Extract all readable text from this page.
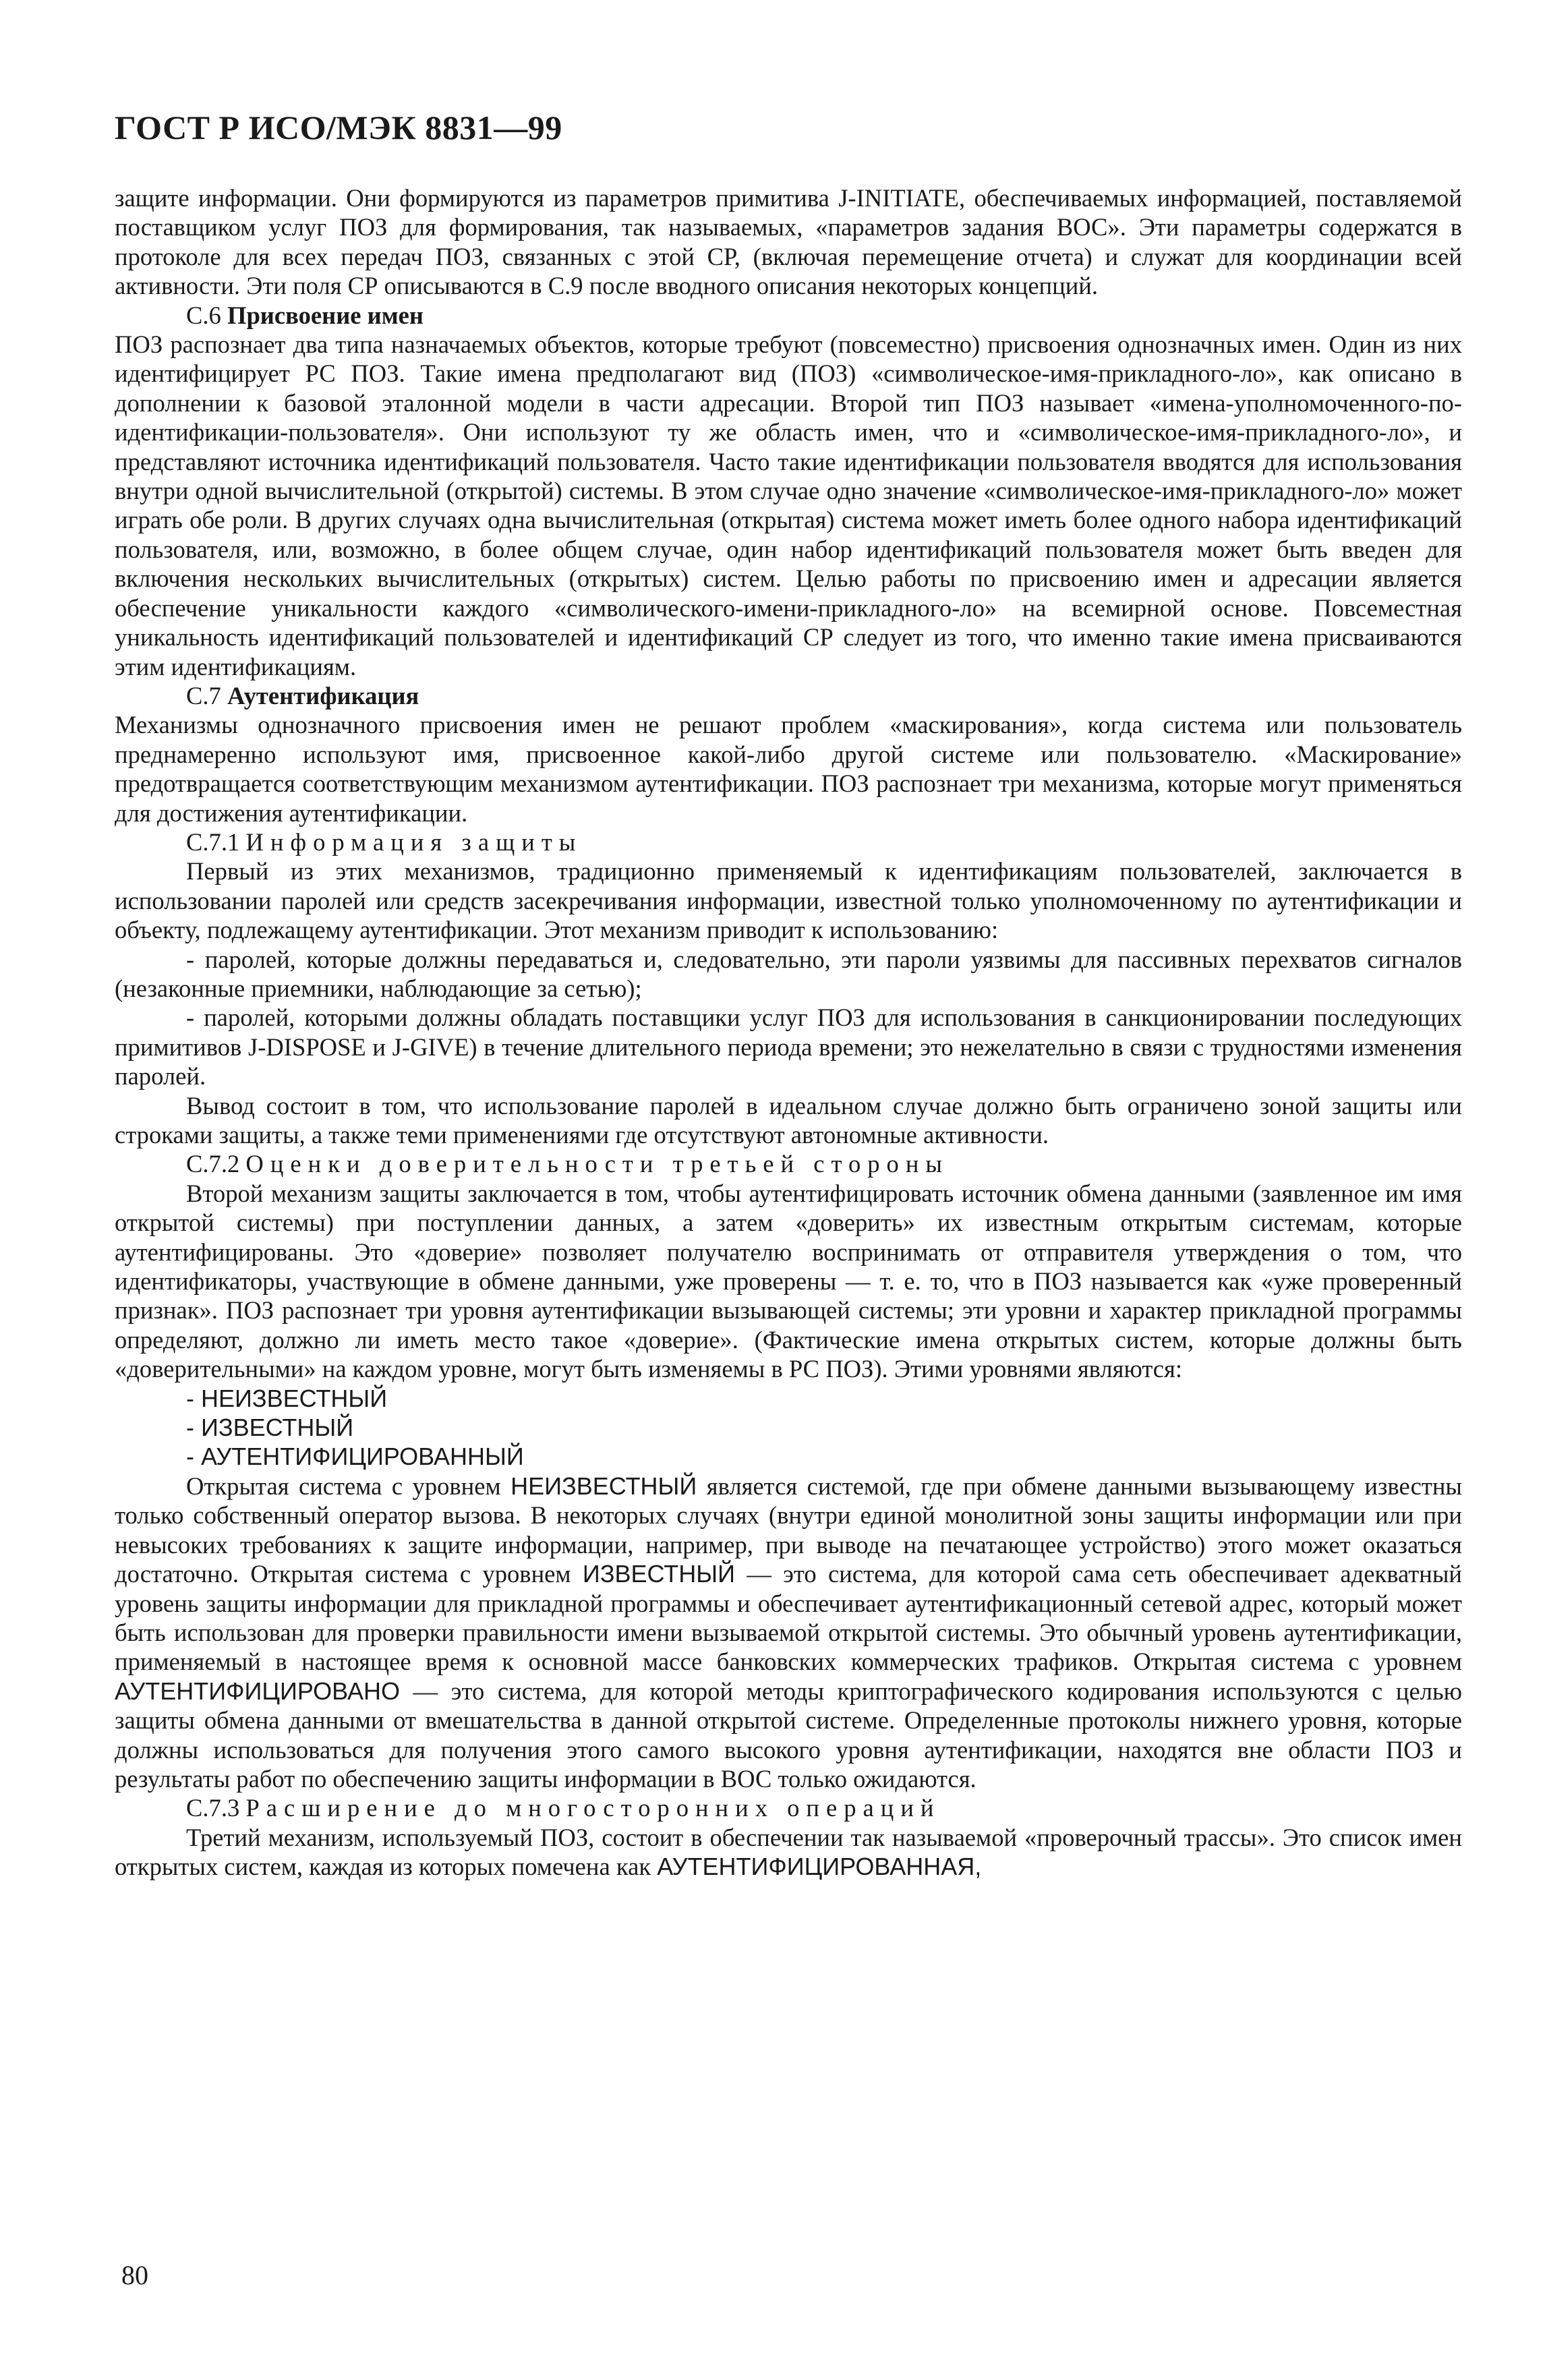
ГОСТ Р ИСО/МЭК 8831—99

защите информации. Они формируются из параметров примитива J-INITIATE, обеспечиваемых информацией, поставляемой поставщиком услуг ПОЗ для формирования, так называемых, «параметров задания ВОС». Эти параметры содержатся в протоколе для всех передач ПОЗ, связанных с этой СР, (включая перемещение отчета) и служат для координации всей активности. Эти поля СР описываются в С.9 после вводного описания некоторых концепций.

С.6 Присвоение имен

ПОЗ распознает два типа назначаемых объектов, которые требуют (повсеместно) присвоения однозначных имен. Один из них идентифицирует РС ПОЗ. Такие имена предполагают вид (ПОЗ) «символическое-имя-прикладного-ло», как описано в дополнении к базовой эталонной модели в части адресации. Второй тип ПОЗ называет «имена-уполномоченного-по-идентификации-пользователя». Они используют ту же область имен, что и «символическое-имя-прикладного-ло», и представляют источника идентификаций пользователя. Часто такие идентификации пользователя вводятся для использования внутри одной вычислительной (открытой) системы. В этом случае одно значение «символическое-имя-прикладного-ло» может играть обе роли. В других случаях одна вычислительная (открытая) система может иметь более одного набора идентификаций пользователя, или, возможно, в более общем случае, один набор идентификаций пользователя может быть введен для включения нескольких вычислительных (открытых) систем. Целью работы по присвоению имен и адресации является обеспечение уникальности каждого «символического-имени-прикладного-ло» на всемирной основе. Повсеместная уникальность идентификаций пользователей и идентификаций СР следует из того, что именно такие имена присваиваются этим идентификациям.

С.7 Аутентификация

Механизмы однозначного присвоения имен не решают проблем «маскирования», когда система или пользователь преднамеренно используют имя, присвоенное какой-либо другой системе или пользователю. «Маскирование» предотвращается соответствующим механизмом аутентификации. ПОЗ распознает три механизма, которые могут применяться для достижения аутентификации.

С.7.1 Информация защиты

Первый из этих механизмов, традиционно применяемый к идентификациям пользователей, заключается в использовании паролей или средств засекречивания информации, известной только уполномоченному по аутентификации и объекту, подлежащему аутентификации. Этот механизм приводит к использованию:

- паролей, которые должны передаваться и, следовательно, эти пароли уязвимы для пассивных перехватов сигналов (незаконные приемники, наблюдающие за сетью);

- паролей, которыми должны обладать поставщики услуг ПОЗ для использования в санкционировании последующих примитивов J-DISPOSE и J-GIVE) в течение длительного периода времени; это нежелательно в связи с трудностями изменения паролей.

Вывод состоит в том, что использование паролей в идеальном случае должно быть ограничено зоной защиты или строками защиты, а также теми применениями где отсутствуют автономные активности.

С.7.2 Оценки доверительности третьей стороны

Второй механизм защиты заключается в том, чтобы аутентифицировать источник обмена данными (заявленное им имя открытой системы) при поступлении данных, а затем «доверить» их известным открытым системам, которые аутентифицированы. Это «доверие» позволяет получателю воспринимать от отправителя утверждения о том, что идентификаторы, участвующие в обмене данными, уже проверены — т. е. то, что в ПОЗ называется как «уже проверенный признак». ПОЗ распознает три уровня аутентификации вызывающей системы; эти уровни и характер прикладной программы определяют, должно ли иметь место такое «доверие». (Фактические имена открытых систем, которые должны быть «доверительными» на каждом уровне, могут быть изменяемы в РС ПОЗ). Этими уровнями являются:

- НЕИЗВЕСТНЫЙ

- ИЗВЕСТНЫЙ

- АУТЕНТИФИЦИРОВАННЫЙ

Открытая система с уровнем НЕИЗВЕСТНЫЙ является системой, где при обмене данными вызывающему известны только собственный оператор вызова. В некоторых случаях (внутри единой монолитной зоны защиты информации или при невысоких требованиях к защите информации, например, при выводе на печатающее устройство) этого может оказаться достаточно. Открытая система с уровнем ИЗВЕСТНЫЙ — это система, для которой сама сеть обеспечивает адекватный уровень защиты информации для прикладной программы и обеспечивает аутентификационный сетевой адрес, который может быть использован для проверки правильности имени вызываемой открытой системы. Это обычный уровень аутентификации, применяемый в настоящее время к основной массе банковских коммерческих трафиков. Открытая система с уровнем АУТЕНТИФИЦИРОВАНО — это система, для которой методы криптографического кодирования используются с целью защиты обмена данными от вмешательства в данной открытой системе. Определенные протоколы нижнего уровня, которые должны использоваться для получения этого самого высокого уровня аутентификации, находятся вне области ПОЗ и результаты работ по обеспечению защиты информации в ВОС только ожидаются.

С.7.3 Расширение до многосторонних операций

Третий механизм, используемый ПОЗ, состоит в обеспечении так называемой «проверочный трассы». Это список имен открытых систем, каждая из которых помечена как АУТЕНТИФИЦИРОВАННАЯ,

80
